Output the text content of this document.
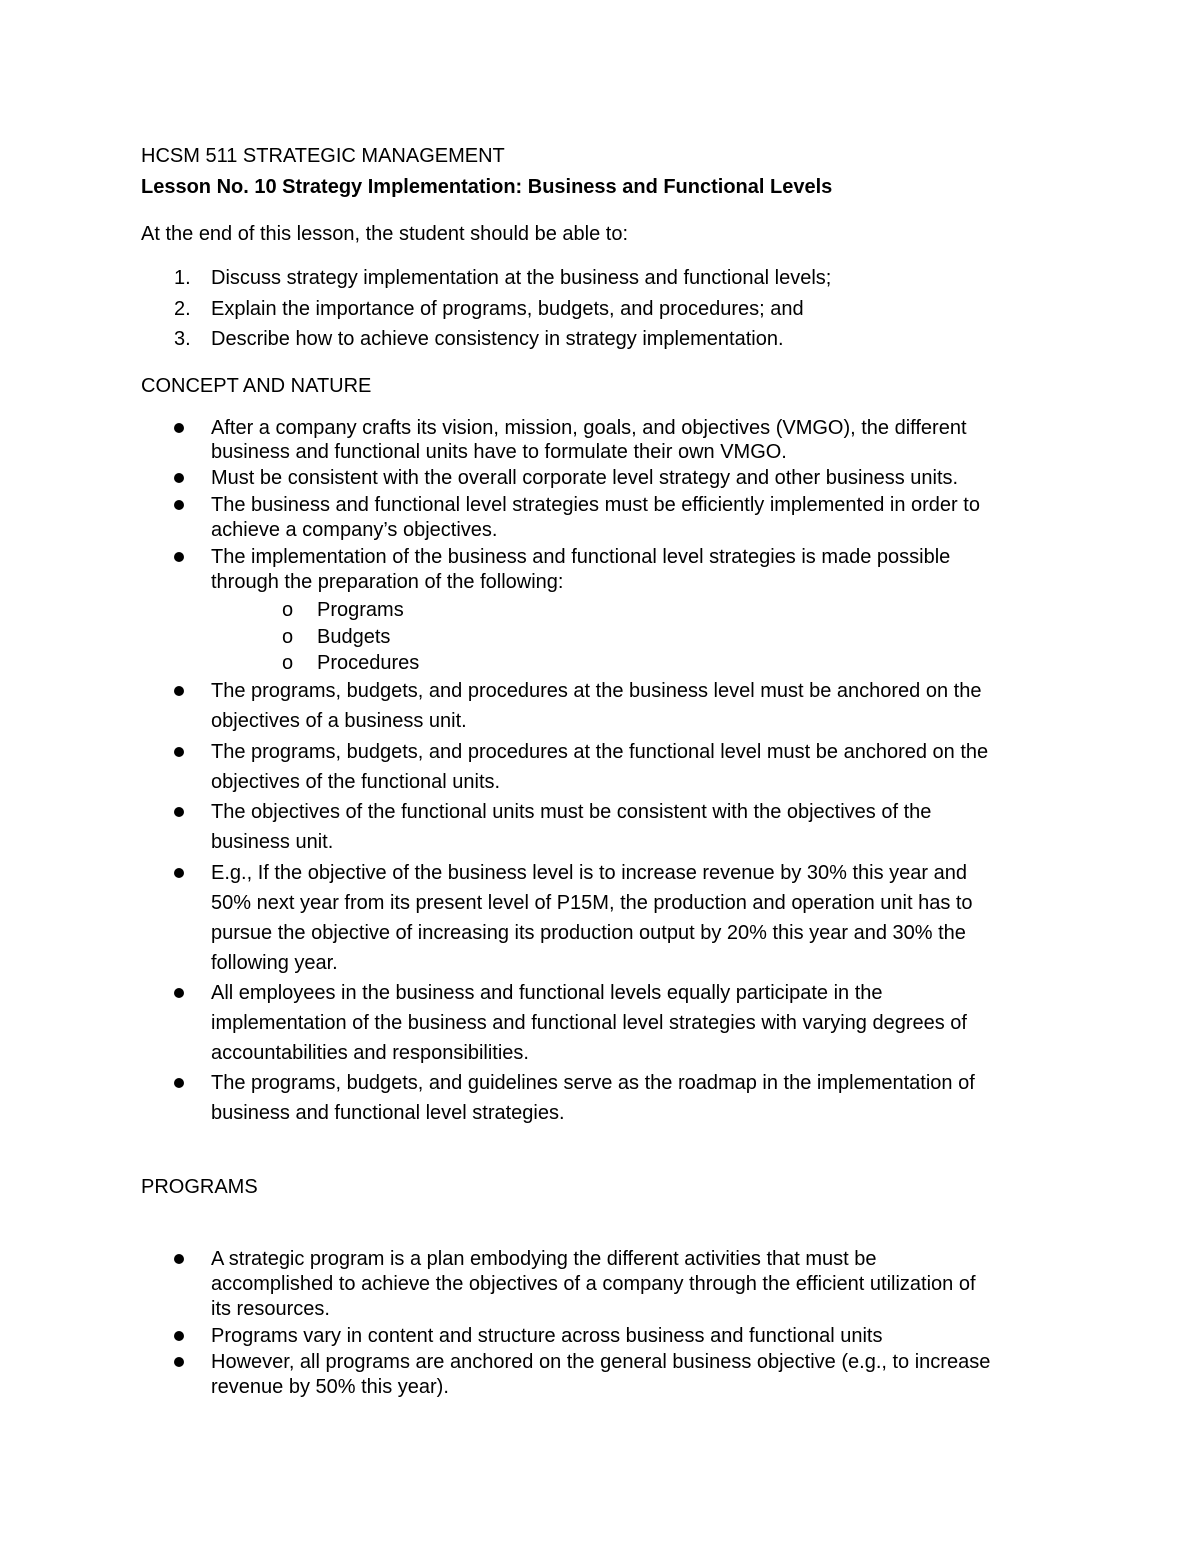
HCSM 511 STRATEGIC MANAGEMENT
Lesson No. 10 Strategy Implementation: Business and Functional Levels
At the end of this lesson, the student should be able to:
1. Discuss strategy implementation at the business and functional levels;
2. Explain the importance of programs, budgets, and procedures; and
3. Describe how to achieve consistency in strategy implementation.
CONCEPT AND NATURE
After a company crafts its vision, mission, goals, and objectives (VMGO), the different
business and functional units have to formulate their own VMGO.
Must be consistent with the overall corporate level strategy and other business units.
The business and functional level strategies must be efficiently implemented in order to
achieve a company’s objectives.
The implementation of the business and functional level strategies is made possible
through the preparation of the following:
o Programs
o Budgets
o Procedures
The programs, budgets, and procedures at the business level must be anchored on the
objectives of a business unit.
The programs, budgets, and procedures at the functional level must be anchored on the
objectives of the functional units.
The objectives of the functional units must be consistent with the objectives of the
business unit.
E.g., If the objective of the business level is to increase revenue by 30% this year and
50% next year from its present level of P15M, the production and operation unit has to
pursue the objective of increasing its production output by 20% this year and 30% the
following year.
All employees in the business and functional levels equally participate in the
implementation of the business and functional level strategies with varying degrees of
accountabilities and responsibilities.
The programs, budgets, and guidelines serve as the roadmap in the implementation of
business and functional level strategies.
PROGRAMS
A strategic program is a plan embodying the different activities that must be
accomplished to achieve the objectives of a company through the efficient utilization of
its resources.
Programs vary in content and structure across business and functional units
However, all programs are anchored on the general business objective (e.g., to increase
revenue by 50% this year).
